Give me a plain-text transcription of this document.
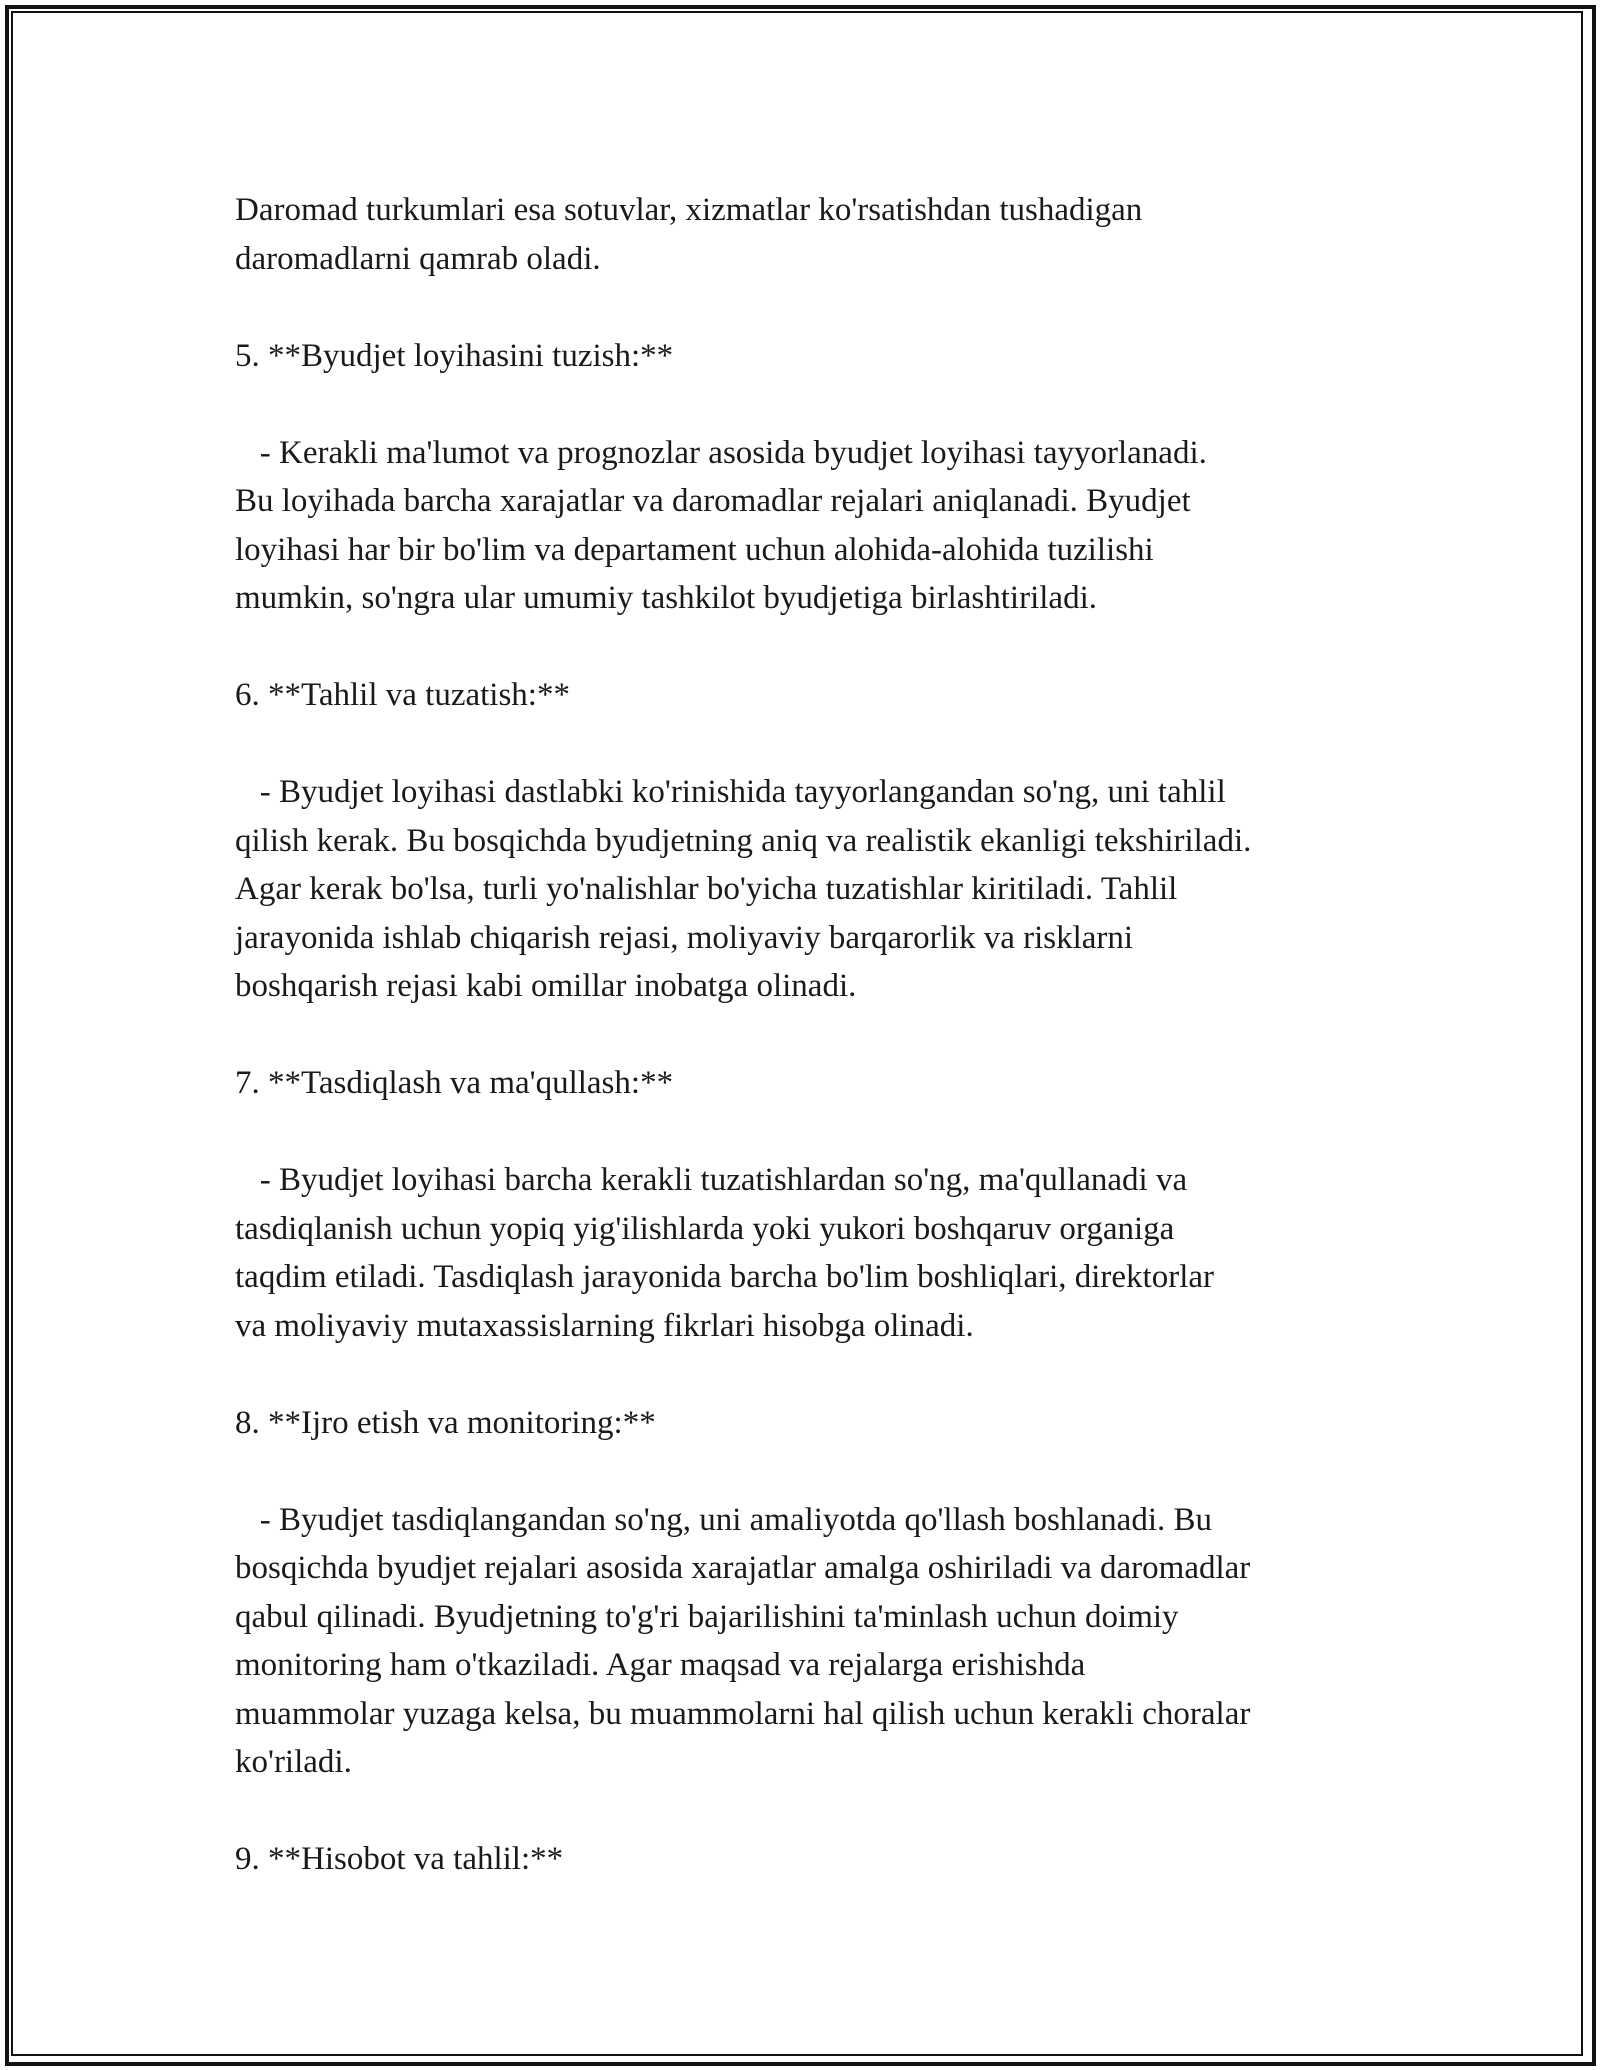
Daromad turkumlari esa sotuvlar, xizmatlar ko'rsatishdan tushadigan
daromadlarni qamrab oladi.
5. **Byudjet loyihasini tuzish:**
- Kerakli ma'lumot va prognozlar asosida byudjet loyihasi tayyorlanadi.
Bu loyihada barcha xarajatlar va daromadlar rejalari aniqlanadi. Byudjet
loyihasi har bir bo'lim va departament uchun alohida-alohida tuzilishi
mumkin, so'ngra ular umumiy tashkilot byudjetiga birlashtiriladi.
6. **Tahlil va tuzatish:**
- Byudjet loyihasi dastlabki ko'rinishida tayyorlangandan so'ng, uni tahlil
qilish kerak. Bu bosqichda byudjetning aniq va realistik ekanligi tekshiriladi.
Agar kerak bo'lsa, turli yo'nalishlar bo'yicha tuzatishlar kiritiladi. Tahlil
jarayonida ishlab chiqarish rejasi, moliyaviy barqarorlik va risklarni
boshqarish rejasi kabi omillar inobatga olinadi.
7. **Tasdiqlash va ma'qullash:**
- Byudjet loyihasi barcha kerakli tuzatishlardan so'ng, ma'qullanadi va
tasdiqlanish uchun yopiq yig'ilishlarda yoki yukori boshqaruv organiga
taqdim etiladi. Tasdiqlash jarayonida barcha bo'lim boshliqlari, direktorlar
va moliyaviy mutaxassislarning fikrlari hisobga olinadi.
8. **Ijro etish va monitoring:**
- Byudjet tasdiqlangandan so'ng, uni amaliyotda qo'llash boshlanadi. Bu
bosqichda byudjet rejalari asosida xarajatlar amalga oshiriladi va daromadlar
qabul qilinadi. Byudjetning to'g'ri bajarilishini ta'minlash uchun doimiy
monitoring ham o'tkaziladi. Agar maqsad va rejalarga erishishda
muammolar yuzaga kelsa, bu muammolarni hal qilish uchun kerakli choralar
ko'riladi.
9. **Hisobot va tahlil:**
